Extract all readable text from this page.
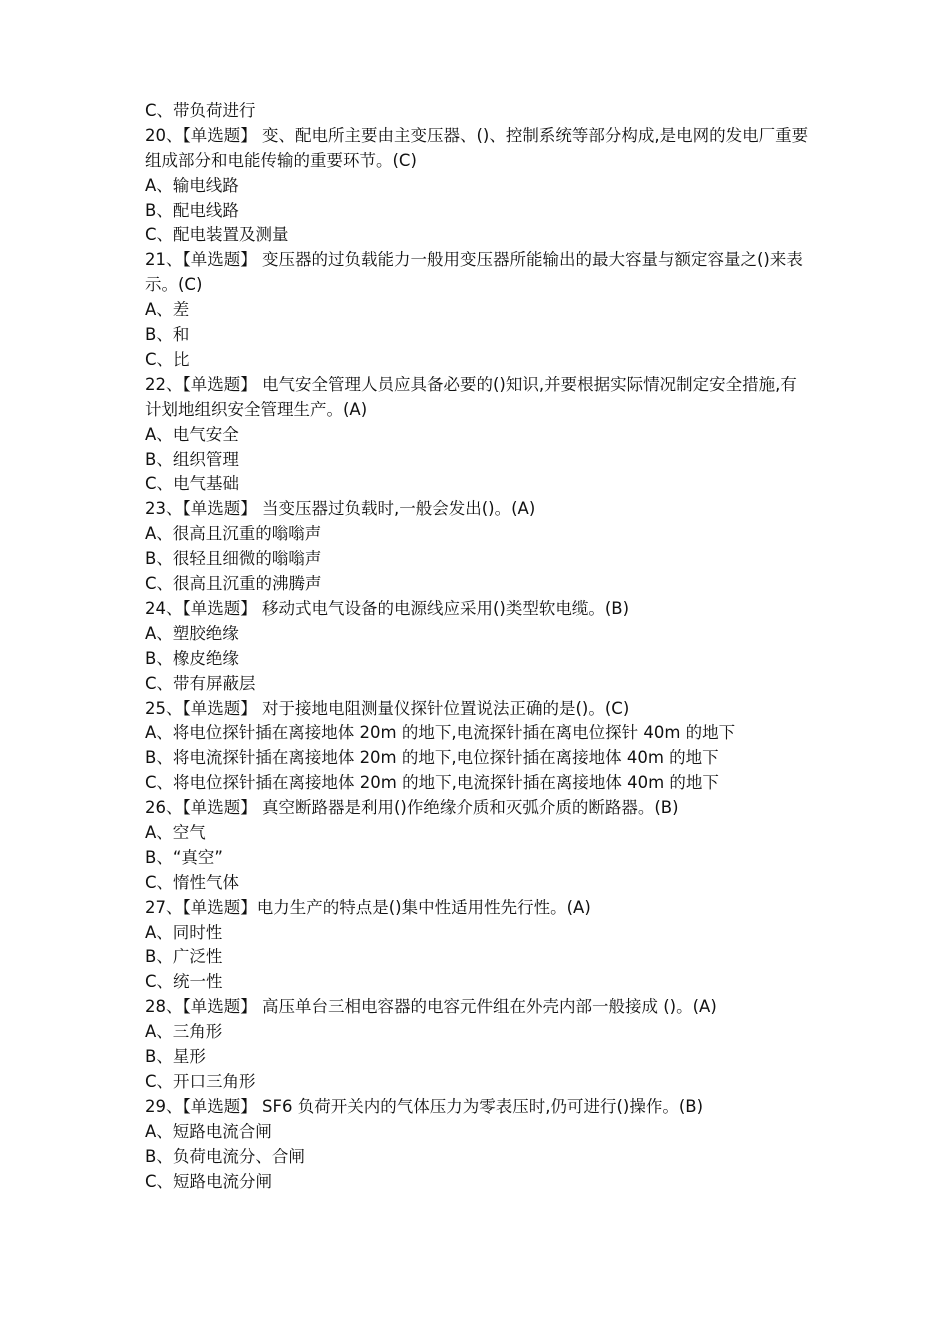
C、带负荷进行
20、【单选题】 变、配电所主要由主变压器、()、控制系统等部分构成,是电网的发电厂重要组成部分和电能传输的重要环节。(C)
A、输电线路
B、配电线路
C、配电装置及测量
21、【单选题】 变压器的过负载能力一般用变压器所能输出的最大容量与额定容量之()来表示。(C)
A、差
B、和
C、比
22、【单选题】 电气安全管理人员应具备必要的()知识,并要根据实际情况制定安全措施,有计划地组织安全管理生产。(A)
A、电气安全
B、组织管理
C、电气基础
23、【单选题】 当变压器过负载时,一般会发出()。(A)
A、很高且沉重的嗡嗡声
B、很轻且细微的嗡嗡声
C、很高且沉重的沸腾声
24、【单选题】 移动式电气设备的电源线应采用()类型软电缆。(B)
A、塑胶绝缘
B、橡皮绝缘
C、带有屏蔽层
25、【单选题】 对于接地电阻测量仪探针位置说法正确的是()。(C)
A、将电位探针插在离接地体 20m 的地下,电流探针插在离电位探针 40m 的地下
B、将电流探针插在离接地体 20m 的地下,电位探针插在离接地体 40m 的地下
C、将电位探针插在离接地体 20m 的地下,电流探针插在离接地体 40m 的地下
26、【单选题】 真空断路器是利用()作绝缘介质和灭弧介质的断路器。(B)
A、空气
B、“真空”
C、惰性气体
27、【单选题】电力生产的特点是()集中性适用性先行性。(A)
A、同时性
B、广泛性
C、统一性
28、【单选题】 高压单台三相电容器的电容元件组在外壳内部一般接成 ()。(A)
A、三角形
B、星形
C、开口三角形
29、【单选题】 SF6 负荷开关内的气体压力为零表压时,仍可进行()操作。(B)
A、短路电流合闸
B、负荷电流分、合闸
C、短路电流分闸
